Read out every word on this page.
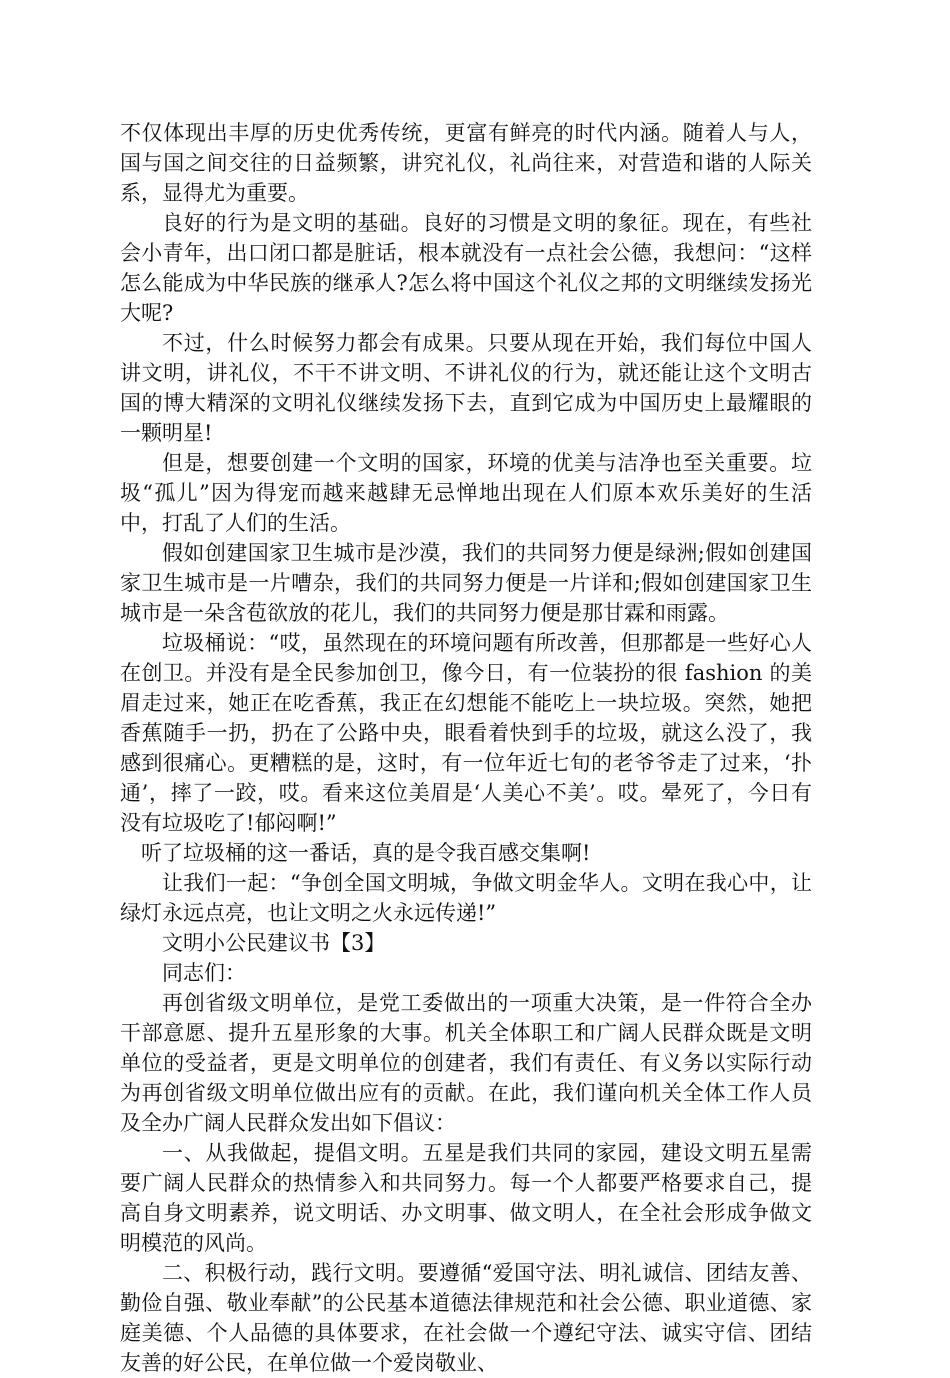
不仅体现出丰厚的历史优秀传统，更富有鲜亮的时代内涵。随着人与人，国与国之间交往的日益频繁，讲究礼仪，礼尚往来，对营造和谐的人际关系，显得尤为重要。

良好的行为是文明的基础。良好的习惯是文明的象征。现在，有些社会小青年，出口闭口都是脏话，根本就没有一点社会公德，我想问：“这样怎么能成为中华民族的继承人?怎么将中国这个礼仪之邦的文明继续发扬光大呢?

不过，什么时候努力都会有成果。只要从现在开始，我们每位中国人讲文明，讲礼仪，不干不讲文明、不讲礼仪的行为，就还能让这个文明古国的博大精深的文明礼仪继续发扬下去，直到它成为中国历史上最耀眼的一颗明星!

但是，想要创建一个文明的国家，环境的优美与洁净也至关重要。垃圾“孤儿”因为得宠而越来越肆无忌惮地出现在人们原本欢乐美好的生活中，打乱了人们的生活。

假如创建国家卫生城市是沙漠，我们的共同努力便是绿洲;假如创建国家卫生城市是一片嘈杂，我们的共同努力便是一片详和;假如创建国家卫生城市是一朵含苞欲放的花儿，我们的共同努力便是那甘霖和雨露。

垃圾桶说：“哎，虽然现在的环境问题有所改善，但那都是一些好心人在创卫。并没有是全民参加创卫，像今日，有一位装扮的很 fashion 的美眉走过来，她正在吃香蕉，我正在幻想能不能吃上一块垃圾。突然，她把香蕉随手一扔，扔在了公路中央，眼看着快到手的垃圾，就这么没了，我感到很痛心。更糟糕的是，这时，有一位年近七旬的老爷爷走了过来，‘扑通’，摔了一跤，哎。看来这位美眉是‘人美心不美’。哎。晕死了，今日有没有垃圾吃了!郁闷啊!”

听了垃圾桶的这一番话，真的是令我百感交集啊!

让我们一起：“争创全国文明城，争做文明金华人。文明在我心中，让绿灯永远点亮，也让文明之火永远传递!”

文明小公民建议书【3】

同志们：

再创省级文明单位，是党工委做出的一项重大决策，是一件符合全办干部意愿、提升五星形象的大事。机关全体职工和广阔人民群众既是文明单位的受益者，更是文明单位的创建者，我们有责任、有义务以实际行动为再创省级文明单位做出应有的贡献。在此，我们谨向机关全体工作人员及全办广阔人民群众发出如下倡议：

一、从我做起，提倡文明。五星是我们共同的家园，建设文明五星需要广阔人民群众的热情参入和共同努力。每一个人都要严格要求自己，提高自身文明素养，说文明话、办文明事、做文明人，在全社会形成争做文明模范的风尚。

二、积极行动，践行文明。要遵循“爱国守法、明礼诚信、团结友善、勤俭自强、敬业奉献”的公民基本道德法律规范和社会公德、职业道德、家庭美德、个人品德的具体要求，在社会做一个遵纪守法、诚实守信、团结友善的好公民，在单位做一个爱岗敬业、
